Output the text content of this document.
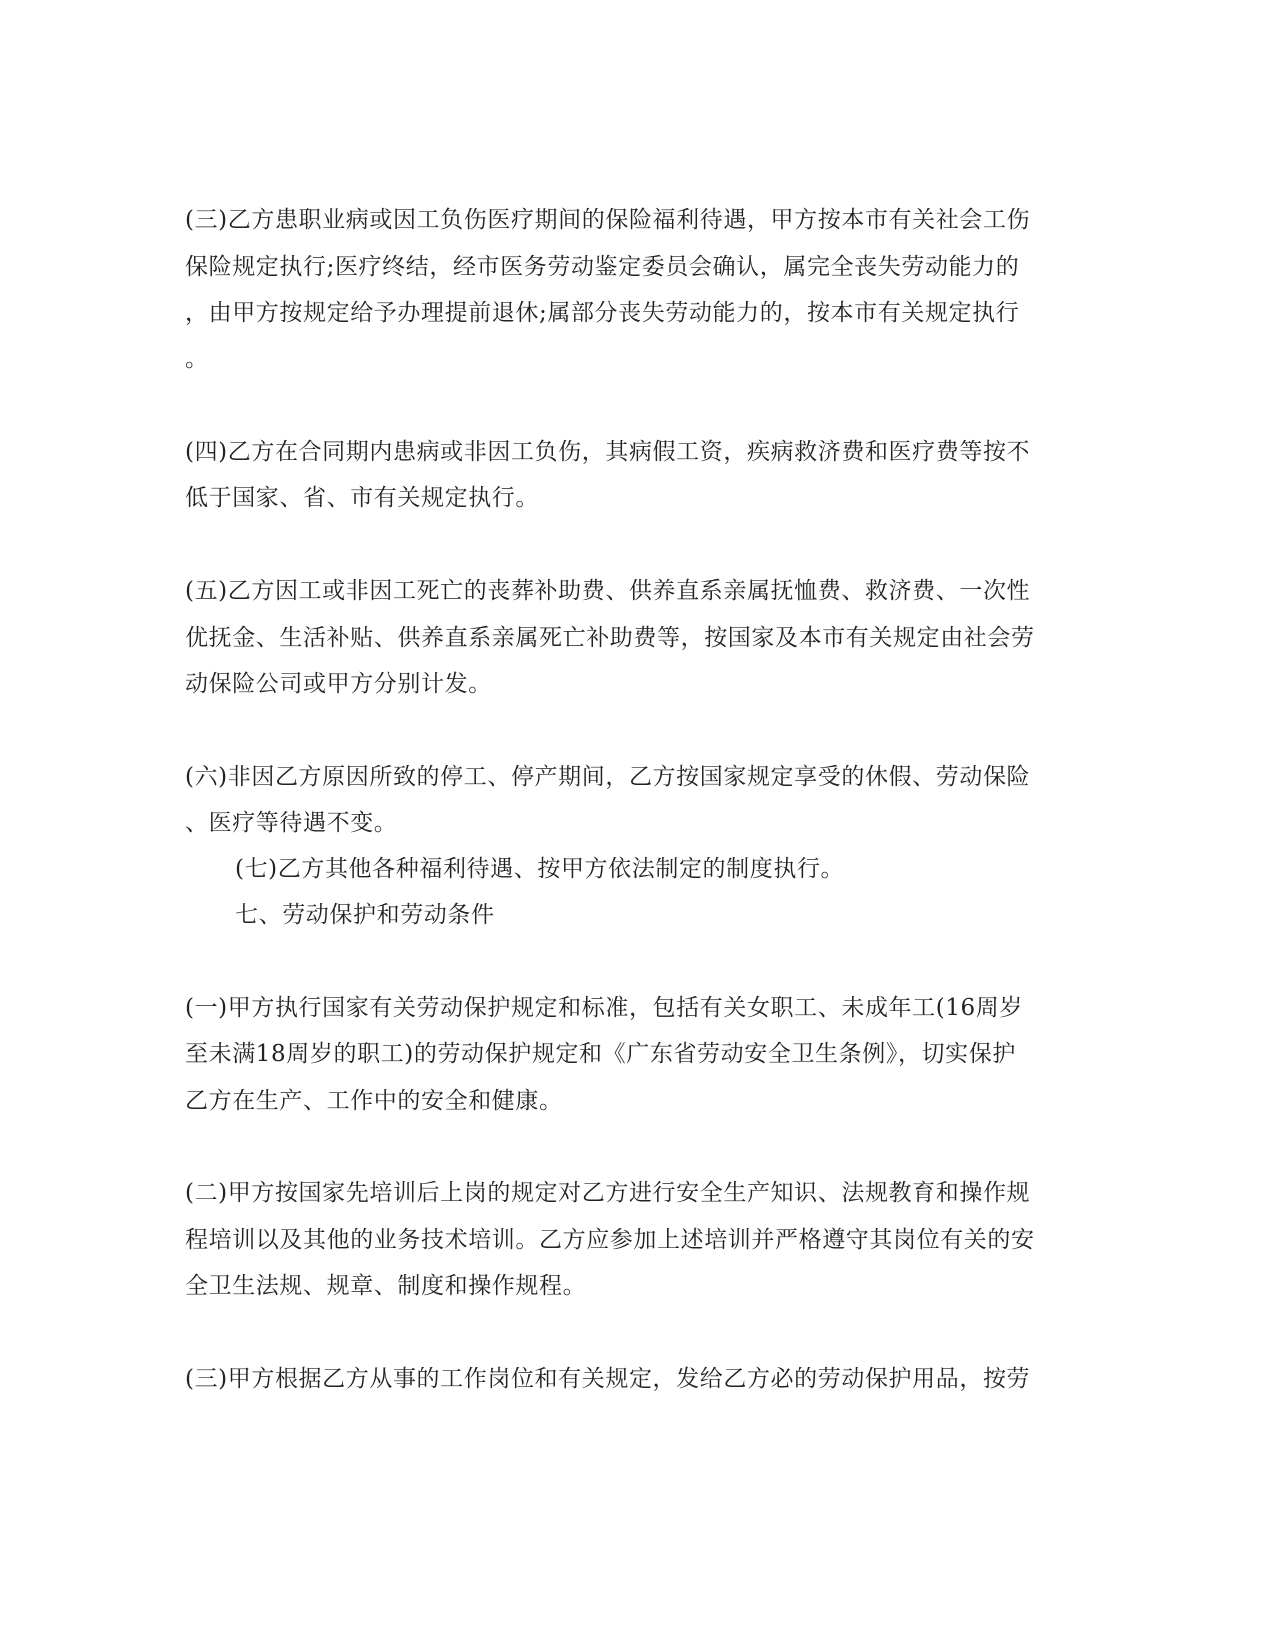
(三)乙方患职业病或因工负伤医疗期间的保险福利待遇，甲方按本市有关社会工伤
保险规定执行;医疗终结，经市医务劳动鉴定委员会确认，属完全丧失劳动能力的
，由甲方按规定给予办理提前退休;属部分丧失劳动能力的，按本市有关规定执行
。
(四)乙方在合同期内患病或非因工负伤，其病假工资，疾病救济费和医疗费等按不
低于国家、省、市有关规定执行。
(五)乙方因工或非因工死亡的丧葬补助费、供养直系亲属抚恤费、救济费、一次性
优抚金、生活补贴、供养直系亲属死亡补助费等，按国家及本市有关规定由社会劳
动保险公司或甲方分别计发。
(六)非因乙方原因所致的停工、停产期间，乙方按国家规定享受的休假、劳动保险
、医疗等待遇不变。
(七)乙方其他各种福利待遇、按甲方依法制定的制度执行。
七、劳动保护和劳动条件
(一)甲方执行国家有关劳动保护规定和标准，包括有关女职工、未成年工(16周岁
至未满18周岁的职工)的劳动保护规定和《广东省劳动安全卫生条例》，切实保护
乙方在生产、工作中的安全和健康。
(二)甲方按国家先培训后上岗的规定对乙方进行安全生产知识、法规教育和操作规
程培训以及其他的业务技术培训。乙方应参加上述培训并严格遵守其岗位有关的安
全卫生法规、规章、制度和操作规程。
(三)甲方根据乙方从事的工作岗位和有关规定，发给乙方必的劳动保护用品，按劳
